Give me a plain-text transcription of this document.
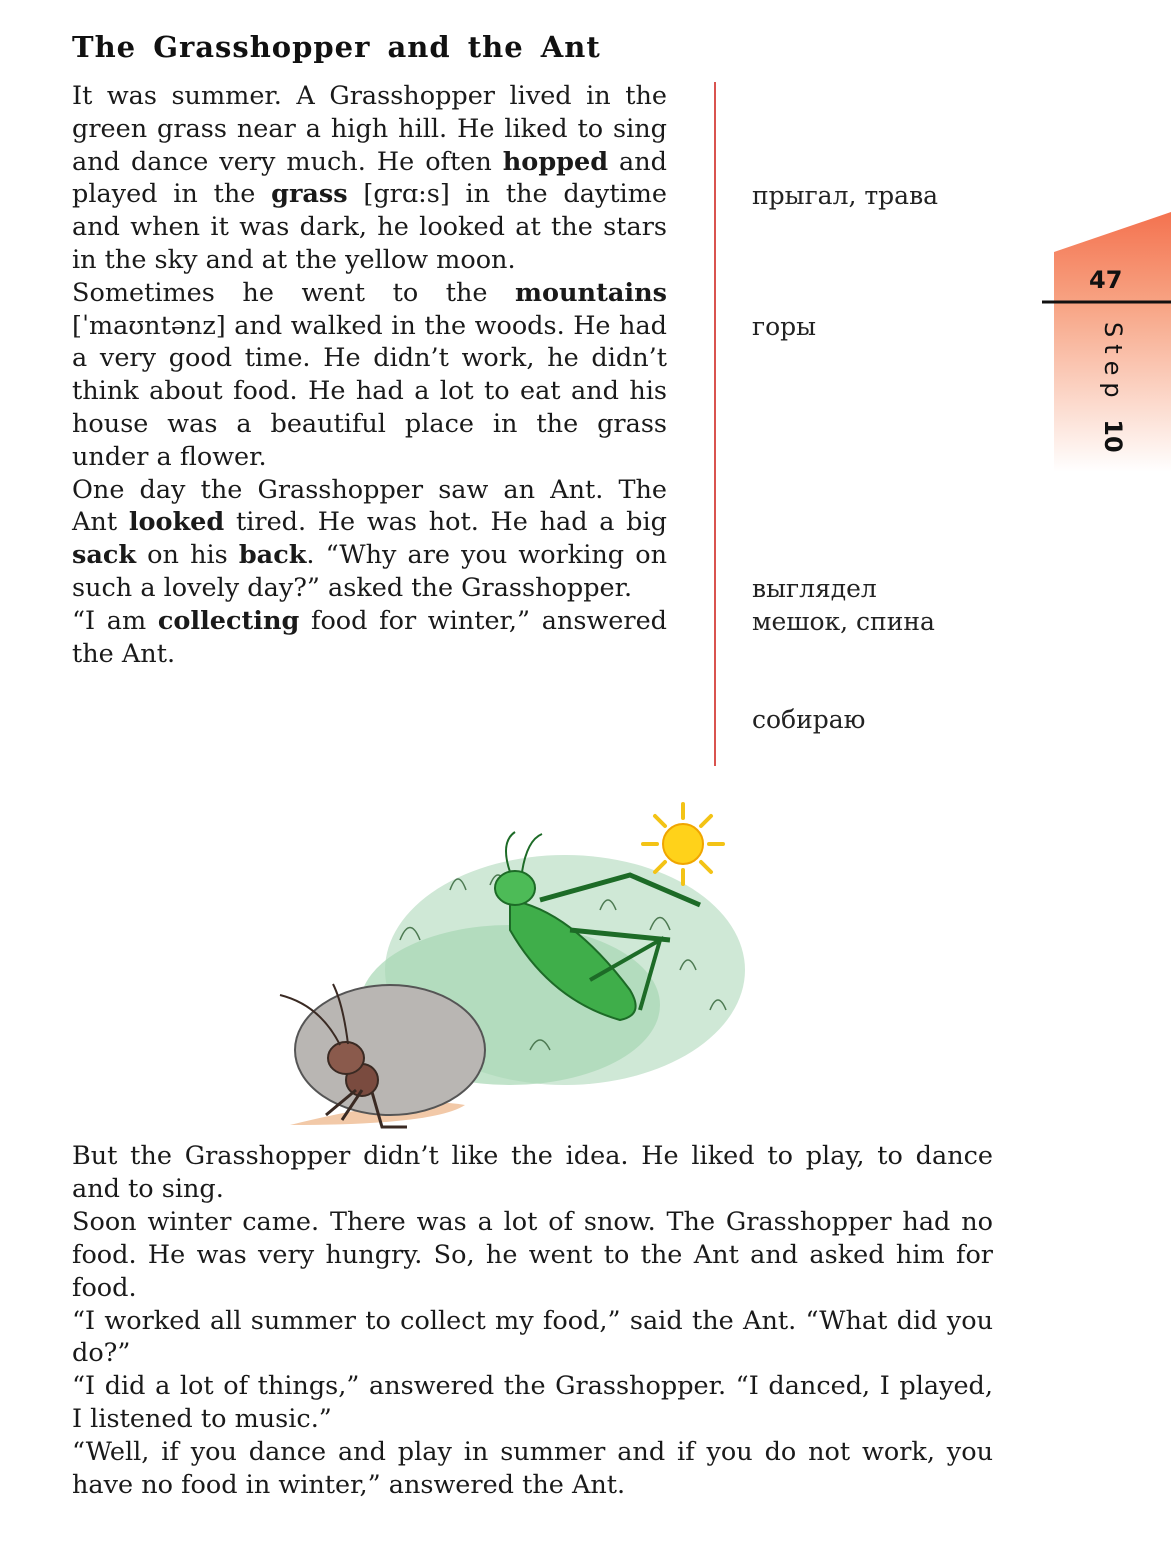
The Grasshopper and the Ant

It was summer. A Grasshopper lived in the green grass near a high hill. He liked to sing and dance very much. He often hopped and played in the grass [grɑ:s] in the daytime and when it was dark, he looked at the stars in the sky and at the yellow moon.

Sometimes he went to the mountains [ˈmaʊntənz] and walked in the woods. He had a very good time. He didn’t work, he didn’t think about food. He had a lot to eat and his house was a beautiful place in the grass under a flower.

One day the Grasshopper saw an Ant. The Ant looked tired. He was hot. He had a big sack on his back. “Why are you working on such a lovely day?” asked the Grasshopper.

“I am collecting food for winter,” answered the Ant.

прыгал, трава
горы
выглядел
мешок, спина
собираю
47
Step 10

But the Grasshopper didn’t like the idea. He liked to play, to dance and to sing.

Soon winter came. There was a lot of snow. The Grasshopper had no food. He was very hungry. So, he went to the Ant and asked him for food.

“I worked all summer to collect my food,” said the Ant. “What did you do?”

“I did a lot of things,” answered the Grasshopper. “I danced, I played, I listened to music.”

“Well, if you dance and play in summer and if you do not work, you have no food in winter,” answered the Ant.
